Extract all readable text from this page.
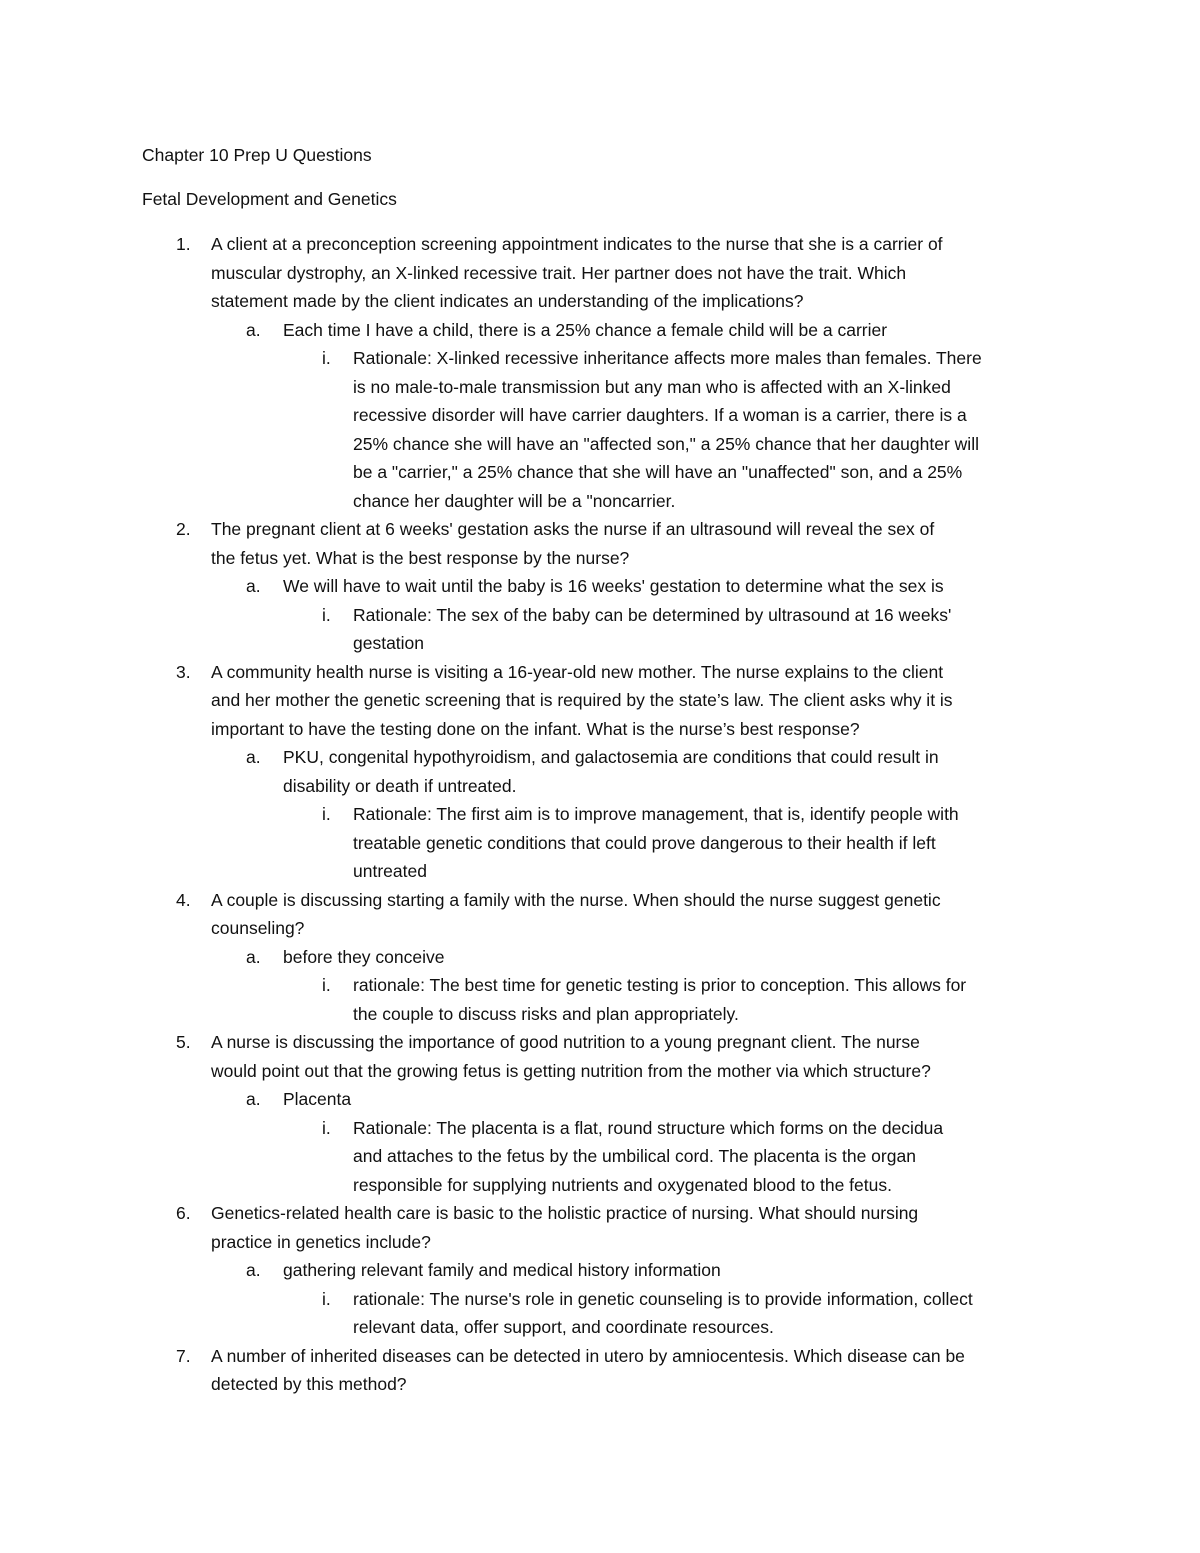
Chapter 10 Prep U Questions
Fetal Development and Genetics
1. A client at a preconception screening appointment indicates to the nurse that she is a carrier of
muscular dystrophy, an X-linked recessive trait. Her partner does not have the trait. Which
statement made by the client indicates an understanding of the implications?
a. Each time I have a child, there is a 25% chance a female child will be a carrier
i. Rationale: X-linked recessive inheritance affects more males than females. There
is no male-to-male transmission but any man who is affected with an X-linked
recessive disorder will have carrier daughters. If a woman is a carrier, there is a
25% chance she will have an "affected son," a 25% chance that her daughter will
be a "carrier," a 25% chance that she will have an "unaffected" son, and a 25%
chance her daughter will be a "noncarrier.
2. The pregnant client at 6 weeks' gestation asks the nurse if an ultrasound will reveal the sex of
the fetus yet. What is the best response by the nurse?
a. We will have to wait until the baby is 16 weeks' gestation to determine what the sex is
i. Rationale: The sex of the baby can be determined by ultrasound at 16 weeks'
gestation
3. A community health nurse is visiting a 16-year-old new mother. The nurse explains to the client
and her mother the genetic screening that is required by the state’s law. The client asks why it is
important to have the testing done on the infant. What is the nurse’s best response?
a. PKU, congenital hypothyroidism, and galactosemia are conditions that could result in
disability or death if untreated.
i. Rationale: The first aim is to improve management, that is, identify people with
treatable genetic conditions that could prove dangerous to their health if left
untreated
4. A couple is discussing starting a family with the nurse. When should the nurse suggest genetic
counseling?
a. before they conceive
i. rationale: The best time for genetic testing is prior to conception. This allows for
the couple to discuss risks and plan appropriately.
5. A nurse is discussing the importance of good nutrition to a young pregnant client. The nurse
would point out that the growing fetus is getting nutrition from the mother via which structure?
a. Placenta
i. Rationale: The placenta is a flat, round structure which forms on the decidua
and attaches to the fetus by the umbilical cord. The placenta is the organ
responsible for supplying nutrients and oxygenated blood to the fetus.
6. Genetics-related health care is basic to the holistic practice of nursing. What should nursing
practice in genetics include?
a. gathering relevant family and medical history information
i. rationale: The nurse's role in genetic counseling is to provide information, collect
relevant data, offer support, and coordinate resources.
7. A number of inherited diseases can be detected in utero by amniocentesis. Which disease can be
detected by this method?
